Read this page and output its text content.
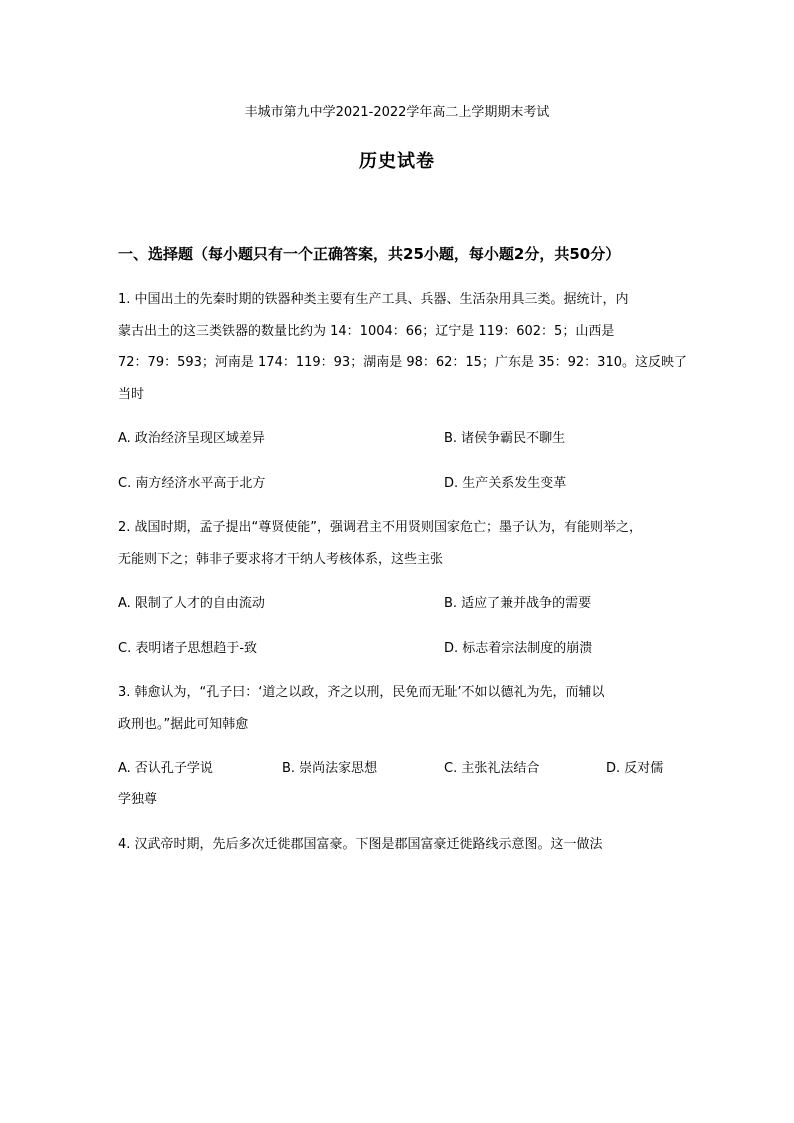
丰城市第九中学2021-2022学年高二上学期期末考试
历史试卷
一、选择题（每小题只有一个正确答案，共25小题，每小题2分，共50分）
1. 中国出土的先秦时期的铁器种类主要有生产工具、兵器、生活杂用具三类。据统计，内
蒙古出土的这三类铁器的数量比约为 14：1004：66；辽宁是 119：602：5；山西是
72：79：593；河南是 174：119：93；湖南是 98：62：15；广东是 35：92：310。这反映了
当时
A. 政治经济呈现区域差异	B. 诸侯争霸民不聊生
C. 南方经济水平高于北方	D. 生产关系发生变革
2. 战国时期，孟子提出“尊贤使能”，强调君主不用贤则国家危亡；墨子认为，有能则举之，
无能则下之；韩非子要求将才干纳人考核体系，这些主张
A. 限制了人才的自由流动	B. 适应了兼并战争的需要
C. 表明诸子思想趋于-致	D. 标志着宗法制度的崩溃
3. 韩愈认为，“孔子曰：‘道之以政，齐之以刑，民免而无耻’不如以德礼为先，而辅以
政刑也。”据此可知韩愈
A. 否认孔子学说	B. 崇尚法家思想	C. 主张礼法结合	D. 反对儒
学独尊
4. 汉武帝时期，先后多次迁徙郡国富豪。下图是郡国富豪迁徙路线示意图。这一做法
